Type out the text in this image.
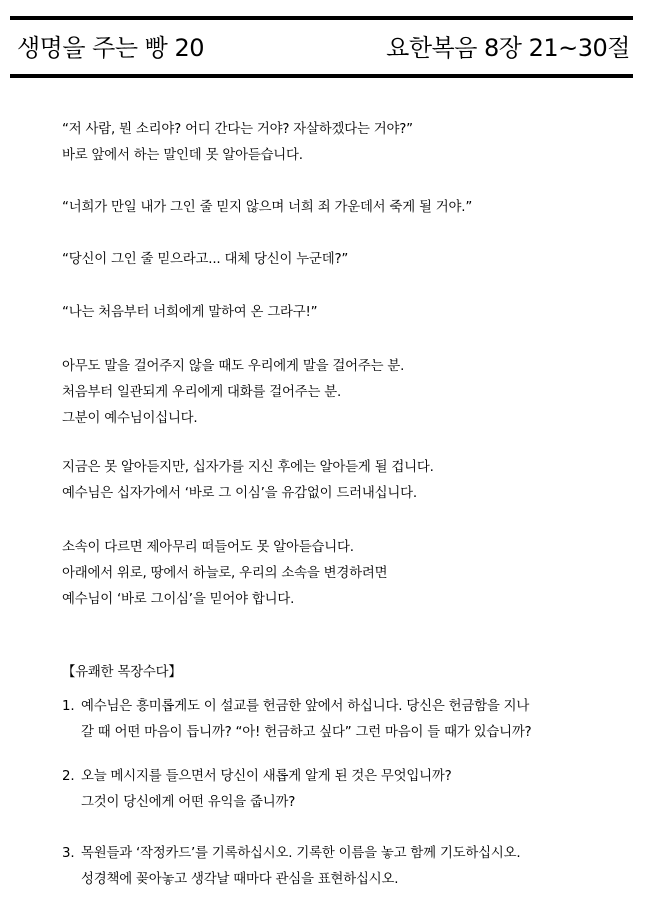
생명을 주는 빵 20	요한복음 8장 21~30절

“저 사람, 뭔 소리야? 어디 간다는 거야? 자살하겠다는 거야?”

바로 앞에서 하는 말인데 못 알아듣습니다.

“너희가 만일 내가 그인 줄 믿지 않으며 너희 죄 가운데서 죽게 될 거야.”

“당신이 그인 줄 믿으라고... 대체 당신이 누군데?”

“나는 처음부터 너희에게 말하여 온 그라구!”

아무도 말을 걸어주지 않을 때도 우리에게 말을 걸어주는 분.

처음부터 일관되게 우리에게 대화를 걸어주는 분.

그분이 예수님이십니다.

지금은 못 알아듣지만, 십자가를 지신 후에는 알아듣게 될 겁니다.

예수님은 십자가에서 ‘바로 그 이심’을 유감없이 드러내십니다.

소속이 다르면 제아무리 떠들어도 못 알아듣습니다.

아래에서 위로, 땅에서 하늘로, 우리의 소속을 변경하려면

예수님이 ‘바로 그이심’을 믿어야 합니다.

【유쾌한 목장수다】
1. 예수님은 흥미롭게도 이 설교를 헌금한 앞에서 하십니다. 당신은 헌금함을 지나

갈 때 어떤 마음이 듭니까? “아! 헌금하고 싶다” 그런 마음이 들 때가 있습니까?

2. 오늘 메시지를 들으면서 당신이 새롭게 알게 된 것은 무엇입니까?

그것이 당신에게 어떤 유익을 줍니까?

3. 목원들과 ‘작정카드’를 기록하십시오. 기록한 이름을 놓고 함께 기도하십시오.

성경책에 꽂아놓고 생각날 때마다 관심을 표현하십시오.
